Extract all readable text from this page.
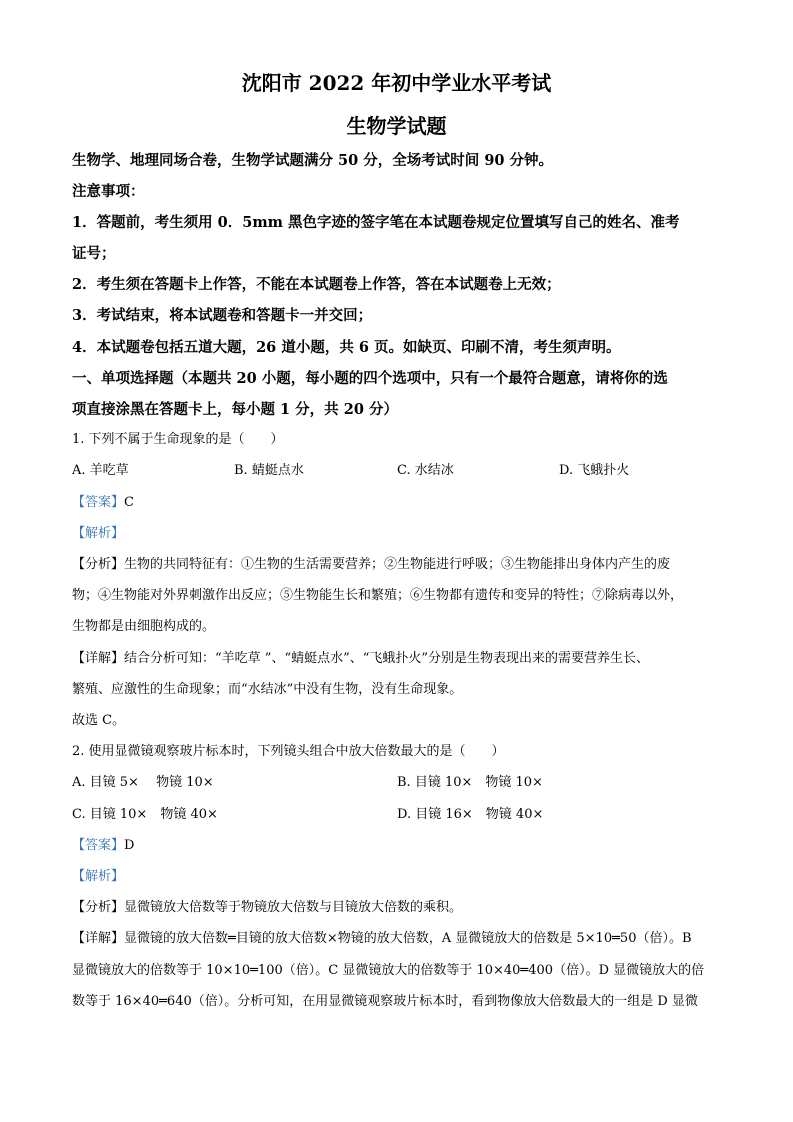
沈阳市 2022 年初中学业水平考试
生物学试题
生物学、地理同场合卷，生物学试题满分 50 分，全场考试时间 90 分钟。
注意事项：
1．答题前，考生须用 0．5mm 黑色字迹的签字笔在本试题卷规定位置填写自己的姓名、准考
证号；
2．考生须在答题卡上作答，不能在本试题卷上作答，答在本试题卷上无效；
3．考试结束，将本试题卷和答题卡一并交回；
4．本试题卷包括五道大题，26 道小题，共 6 页。如缺页、印刷不清，考生须声明。
一、单项选择题（本题共 20 小题，每小题的四个选项中，只有一个最符合题意，请将你的选
项直接涂黑在答题卡上，每小题 1 分，共 20 分）
1. 下列不属于生命现象的是（　　）
A. 羊吃草	B. 蜻蜓点水	C. 水结冰	D. 飞蛾扑火
【答案】C
【解析】
【分析】生物的共同特征有：①生物的生活需要营养；②生物能进行呼吸；③生物能排出身体内产生的废
物；④生物能对外界刺激作出反应；⑤生物能生长和繁殖；⑥生物都有遗传和变异的特性；⑦除病毒以外，
生物都是由细胞构成的。
【详解】结合分析可知：“羊吃草 ”、“蜻蜓点水”、“飞蛾扑火”分别是生物表现出来的需要营养生长、
繁殖、应激性的生命现象；而“水结冰”中没有生物，没有生命现象。
故选 C。
2. 使用显微镜观察玻片标本时，下列镜头组合中放大倍数最大的是（　　）
A. 目镜 5×　 物镜 10×	B. 目镜 10×　物镜 10×
C. 目镜 10×　物镜 40×	D. 目镜 16×　物镜 40×
【答案】D
【解析】
【分析】显微镜放大倍数等于物镜放大倍数与目镜放大倍数的乘积。
【详解】显微镜的放大倍数═目镜的放大倍数×物镜的放大倍数，A 显微镜放大的倍数是 5×10═50（倍）。B
显微镜放大的倍数等于 10×10═100（倍）。C 显微镜放大的倍数等于 10×40═400（倍）。D 显微镜放大的倍
数等于 16×40═640（倍）。分析可知，在用显微镜观察玻片标本时，看到物像放大倍数最大的一组是 D 显微
